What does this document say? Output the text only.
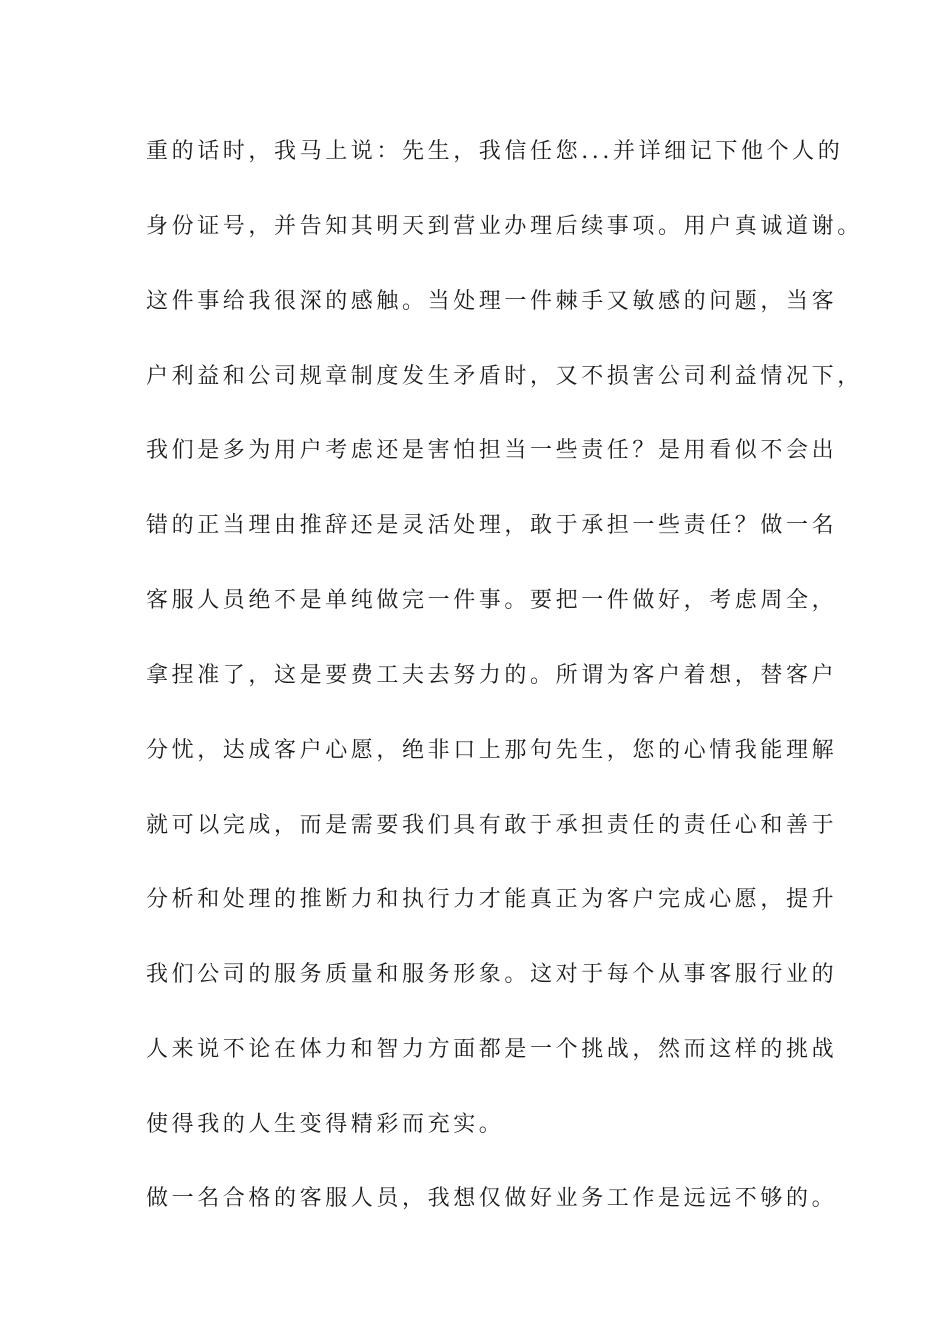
重的话时，我马上说：先生，我信任您...并详细记下他个人的

身份证号，并告知其明天到营业办理后续事项。用户真诚道谢。

这件事给我很深的感触。当处理一件棘手又敏感的问题，当客

户利益和公司规章制度发生矛盾时，又不损害公司利益情况下，

我们是多为用户考虑还是害怕担当一些责任？是用看似不会出

错的正当理由推辞还是灵活处理，敢于承担一些责任？做一名

客服人员绝不是单纯做完一件事。要把一件做好，考虑周全，

拿捏准了，这是要费工夫去努力的。所谓为客户着想，替客户

分忧，达成客户心愿，绝非口上那句先生，您的心情我能理解

就可以完成，而是需要我们具有敢于承担责任的责任心和善于

分析和处理的推断力和执行力才能真正为客户完成心愿，提升

我们公司的服务质量和服务形象。这对于每个从事客服行业的

人来说不论在体力和智力方面都是一个挑战，然而这样的挑战

使得我的人生变得精彩而充实。

做一名合格的客服人员，我想仅做好业务工作是远远不够的。
